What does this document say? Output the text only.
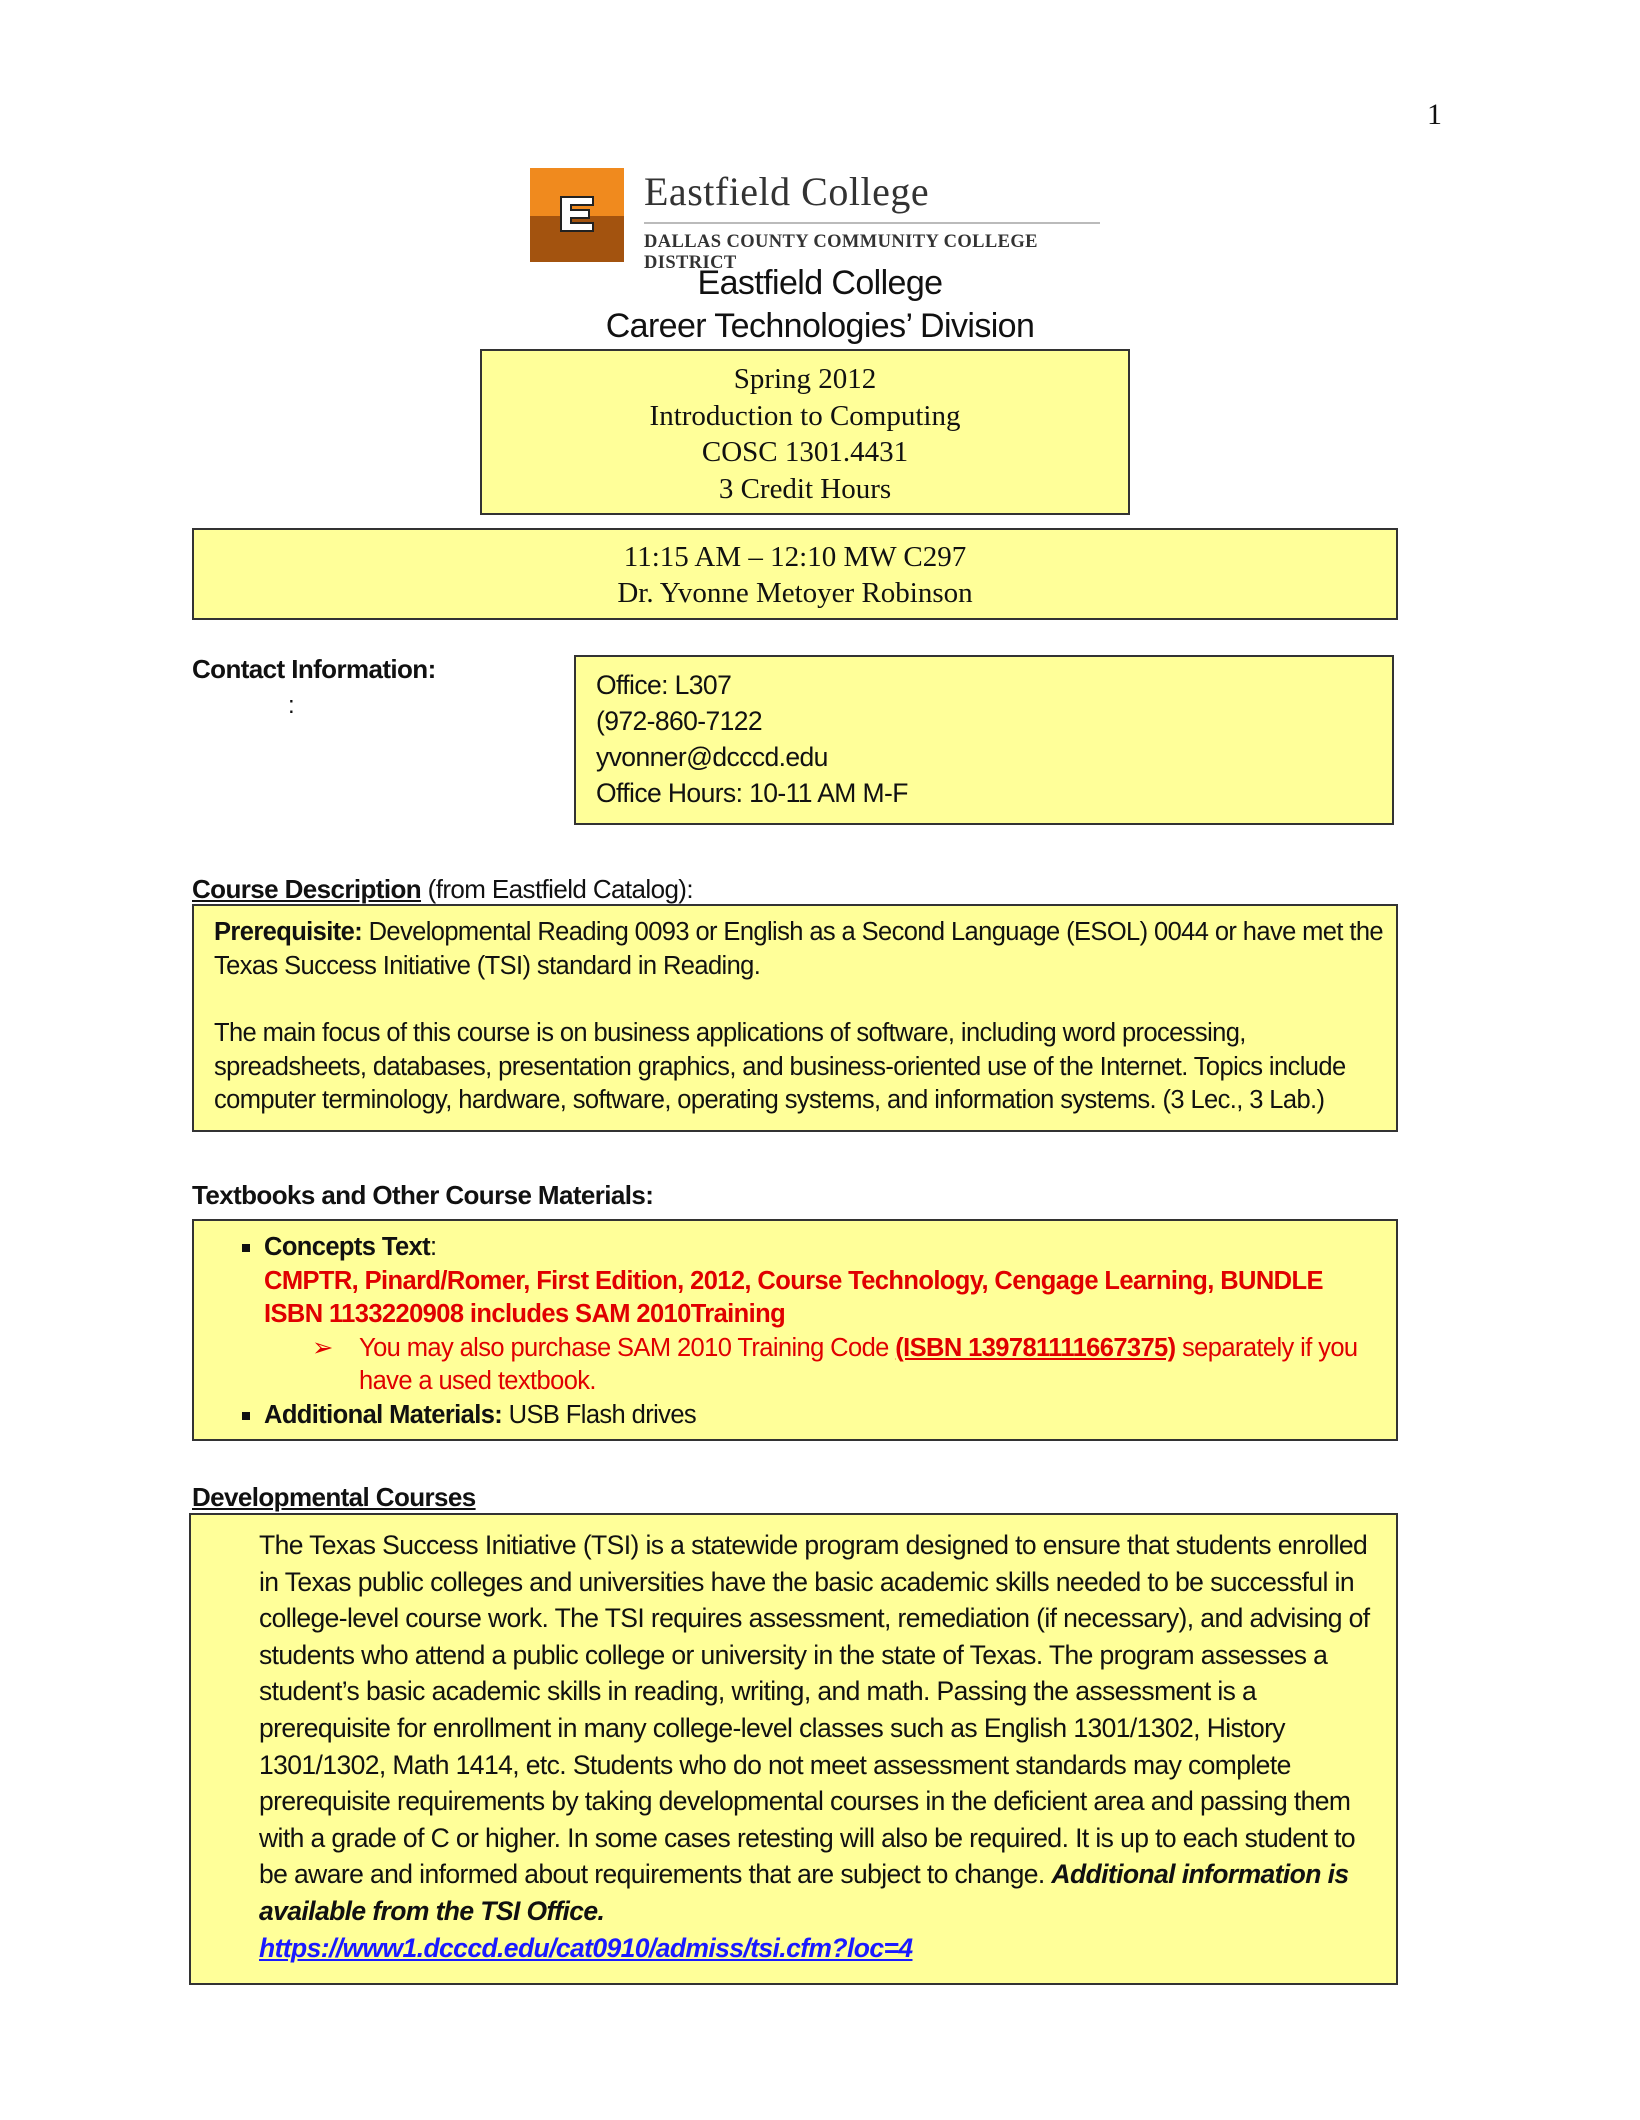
1
Eastfield College
DALLAS COUNTY COMMUNITY COLLEGE DISTRICT
Eastfield College
Career Technologies’ Division
Spring 2012
Introduction to Computing
COSC 1301.4431
3 Credit Hours
11:15 AM – 12:10 MW C297
Dr. Yvonne Metoyer Robinson
Contact Information:
:
Office: L307
(972-860-7122
yvonner@dcccd.edu
Office Hours: 10-11 AM M-F
Course Description (from Eastfield Catalog):

Prerequisite: Developmental Reading 0093 or English as a Second Language (ESOL) 0044 or have met the Texas Success Initiative (TSI) standard in Reading.

The main focus of this course is on business applications of software, including word processing, spreadsheets, databases, presentation graphics, and business-oriented use of the Internet. Topics include computer terminology, hardware, software, operating systems, and information systems. (3 Lec., 3 Lab.)

Textbooks and Other Course Materials:
Concepts Text:
CMPTR, Pinard/Romer, First Edition, 2012, Course Technology, Cengage Learning, BUNDLE
ISBN 1133220908 includes SAM 2010Training
➢ You may also purchase SAM 2010 Training Code (ISBN 139781111667375) separately if you have a used textbook.
Additional Materials: USB Flash drives
Developmental Courses
The Texas Success Initiative (TSI) is a statewide program designed to ensure that students enrolled in Texas public colleges and universities have the basic academic skills needed to be successful in college-level course work. The TSI requires assessment, remediation (if necessary), and advising of students who attend a public college or university in the state of Texas. The program assesses a student’s basic academic skills in reading, writing, and math. Passing the assessment is a prerequisite for enrollment in many college-level classes such as English 1301/1302, History 1301/1302, Math 1414, etc. Students who do not meet assessment standards may complete prerequisite requirements by taking developmental courses in the deficient area and passing them with a grade of C or higher. In some cases retesting will also be required. It is up to each student to be aware and informed about requirements that are subject to change. Additional information is available from the TSI Office.
https://www1.dcccd.edu/cat0910/admiss/tsi.cfm?loc=4
